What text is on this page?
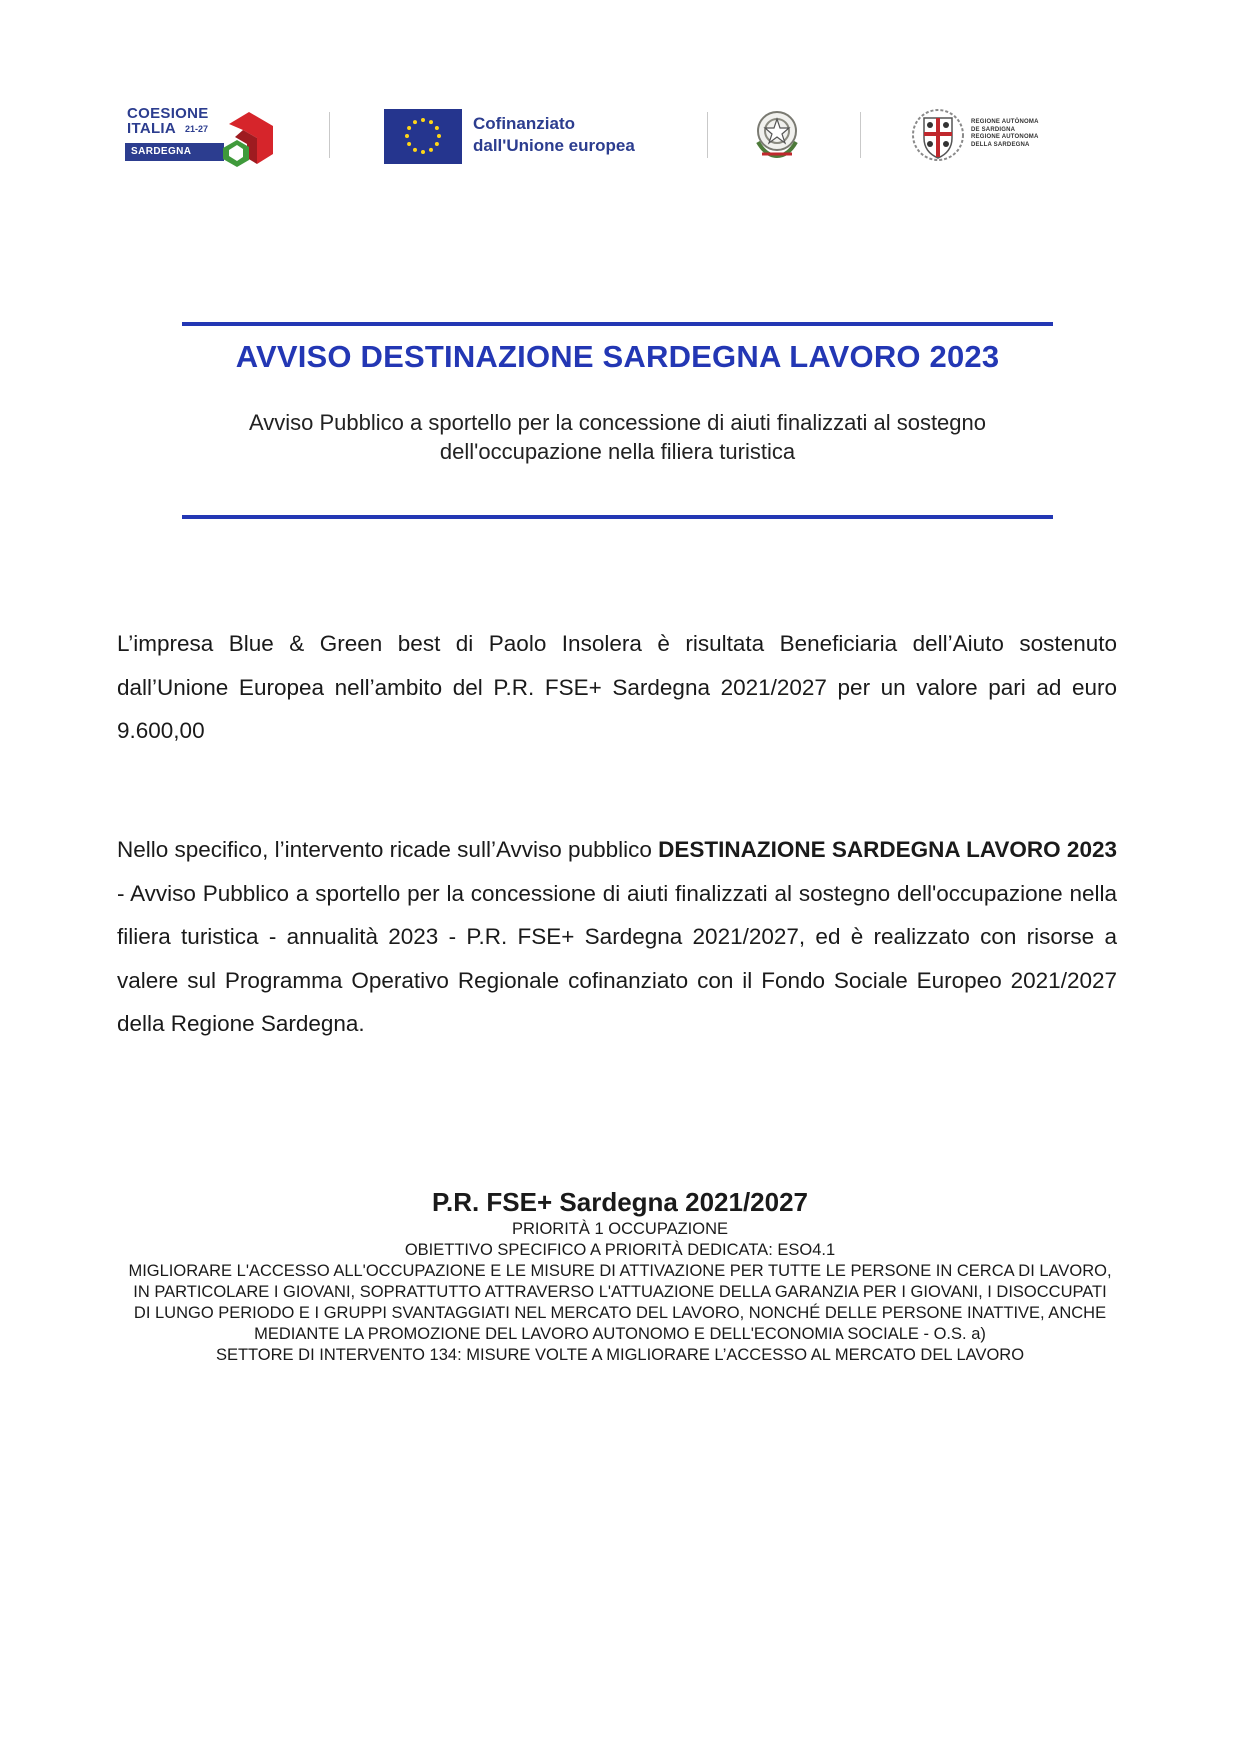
COESIONE
ITALIA 21-27
SARDEGNA
Cofinanziato
dall'Unione europea
REGIONE AUTÒNOMA
DE SARDIGNA
REGIONE AUTONOMA
DELLA SARDEGNA
AVVISO DESTINAZIONE SARDEGNA LAVORO 2023
Avviso Pubblico a sportello per la concessione di aiuti finalizzati al sostegno
dell'occupazione nella filiera turistica
L’impresa Blue & Green best di Paolo Insolera è risultata Beneficiaria dell’Aiuto sostenuto dall’Unione Europea nell’ambito del P.R. FSE+ Sardegna 2021/2027 per un valore pari ad euro 9.600,00
Nello specifico, l’intervento ricade sull’Avviso pubblico DESTINAZIONE SARDEGNA LAVORO 2023 - Avviso Pubblico a sportello per la concessione di aiuti finalizzati al sostegno dell'occupazione nella filiera turistica - annualità 2023 - P.R. FSE+ Sardegna 2021/2027, ed è realizzato con risorse a valere sul Programma Operativo Regionale cofinanziato con il Fondo Sociale Europeo 2021/2027 della Regione Sardegna.
P.R. FSE+ Sardegna 2021/2027
PRIORITÀ 1 OCCUPAZIONE
OBIETTIVO SPECIFICO A PRIORITÀ DEDICATA: ESO4.1
MIGLIORARE L'ACCESSO ALL'OCCUPAZIONE E LE MISURE DI ATTIVAZIONE PER TUTTE LE PERSONE IN CERCA DI LAVORO, IN PARTICOLARE I GIOVANI, SOPRATTUTTO ATTRAVERSO L'ATTUAZIONE DELLA GARANZIA PER I GIOVANI, I DISOCCUPATI DI LUNGO PERIODO E I GRUPPI SVANTAGGIATI NEL MERCATO DEL LAVORO, NONCHÉ DELLE PERSONE INATTIVE, ANCHE MEDIANTE LA PROMOZIONE DEL LAVORO AUTONOMO E DELL'ECONOMIA SOCIALE - O.S. a)
SETTORE DI INTERVENTO 134: MISURE VOLTE A MIGLIORARE L’ACCESSO AL MERCATO DEL LAVORO
